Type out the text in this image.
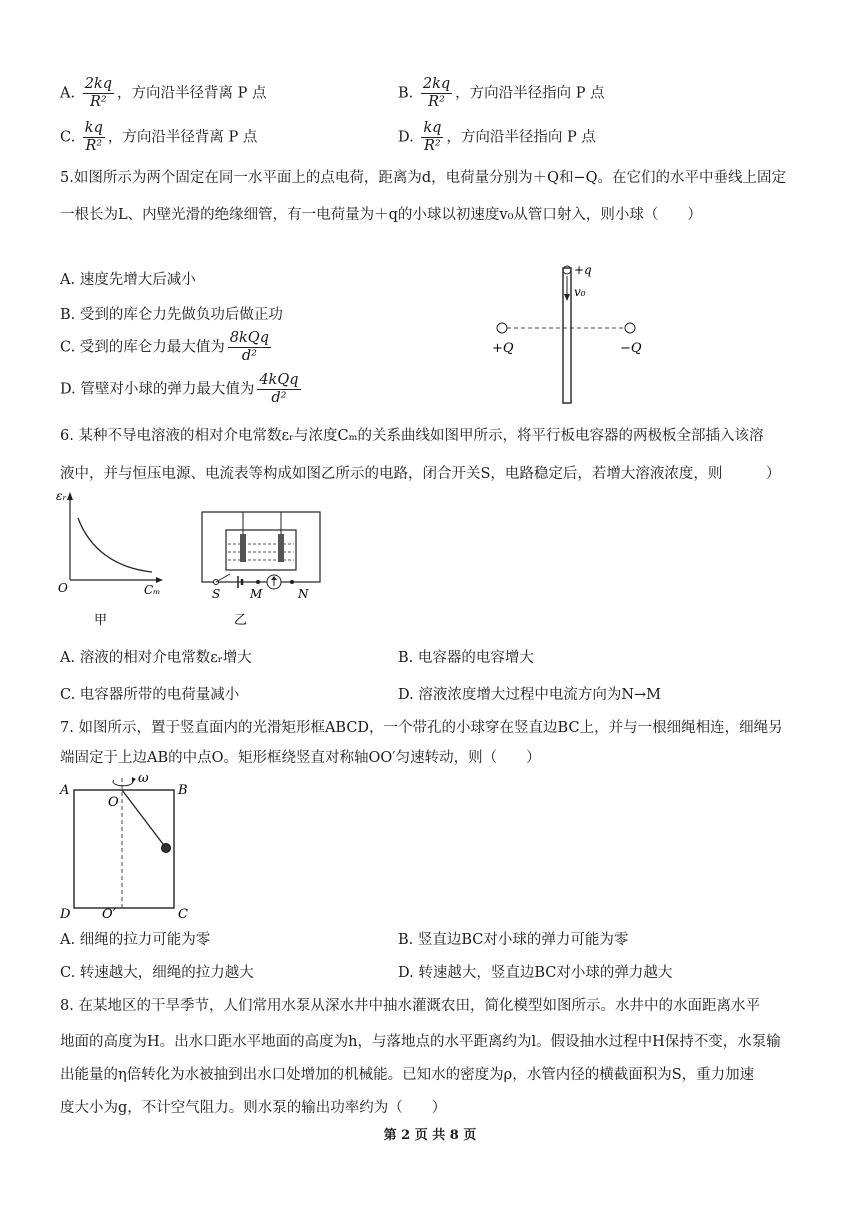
A. $\frac{2kq}{\text{R²}}$ ，方向沿半径背离 P 点	B. $\frac{2kq}{\text{R²}}$ ，方向沿半径指向 P 点
C. $\frac{kq}{\text{R²}}$ ，方向沿半径背离 P 点	D. $\frac{kq}{\text{R²}}$ ，方向沿半径指向 P 点
5.如图所示为两个固定在同一水平面上的点电荷，距离为d，电荷量分别为＋Q和−Q。在它们的水平中垂线上固定
一根长为L、内壁光滑的绝缘细管，有一电荷量为＋q的小球以初速度v₀从管口射入，则小球（　　）
A. 速度先增大后减小
B. 受到的库仑力先做负功后做正功
C. 受到的库仑力最大值为 $\frac{\text{8kQq}}{\text{d²}}$
D. 管壁对小球的弹力最大值为 $\frac{\text{4kQq}}{\text{d²}}$
+q
v₀
+Q	−Q
6. 某种不导电溶液的相对介电常数εᵣ与浓度Cₘ的关系曲线如图甲所示，将平行板电容器的两极板全部插入该溶
液中，并与恒压电源、电流表等构成如图乙所示的电路，闭合开关S，电路稳定后，若增大溶液浓度，则　　　）
εᵣ
O	Cₘ
甲
S M	N
乙
A. 溶液的相对介电常数εᵣ增大	B. 电容器的电容增大
C. 电容器所带的电荷量减小	D. 溶液浓度增大过程中电流方向为N→M
7. 如图所示，置于竖直面内的光滑矩形框ABCD，一个带孔的小球穿在竖直边BC上，并与一根细绳相连，细绳另
端固定于上边AB的中点O。矩形框绕竖直对称轴OO′匀速转动，则（　　）
A	B
O
ω
D O′	C
A. 细绳的拉力可能为零	B. 竖直边BC对小球的弹力可能为零
C. 转速越大，细绳的拉力越大	D. 转速越大，竖直边BC对小球的弹力越大
8. 在某地区的干旱季节，人们常用水泵从深水井中抽水灌溉农田，简化模型如图所示。水井中的水面距离水平
地面的高度为H。出水口距水平地面的高度为h，与落地点的水平距离约为l。假设抽水过程中H保持不变，水泵输
出能量的η倍转化为水被抽到出水口处增加的机械能。已知水的密度为ρ，水管内径的横截面积为S，重力加速
度大小为g，不计空气阻力。则水泵的输出功率约为（　　）
第 2 页 共 8 页
